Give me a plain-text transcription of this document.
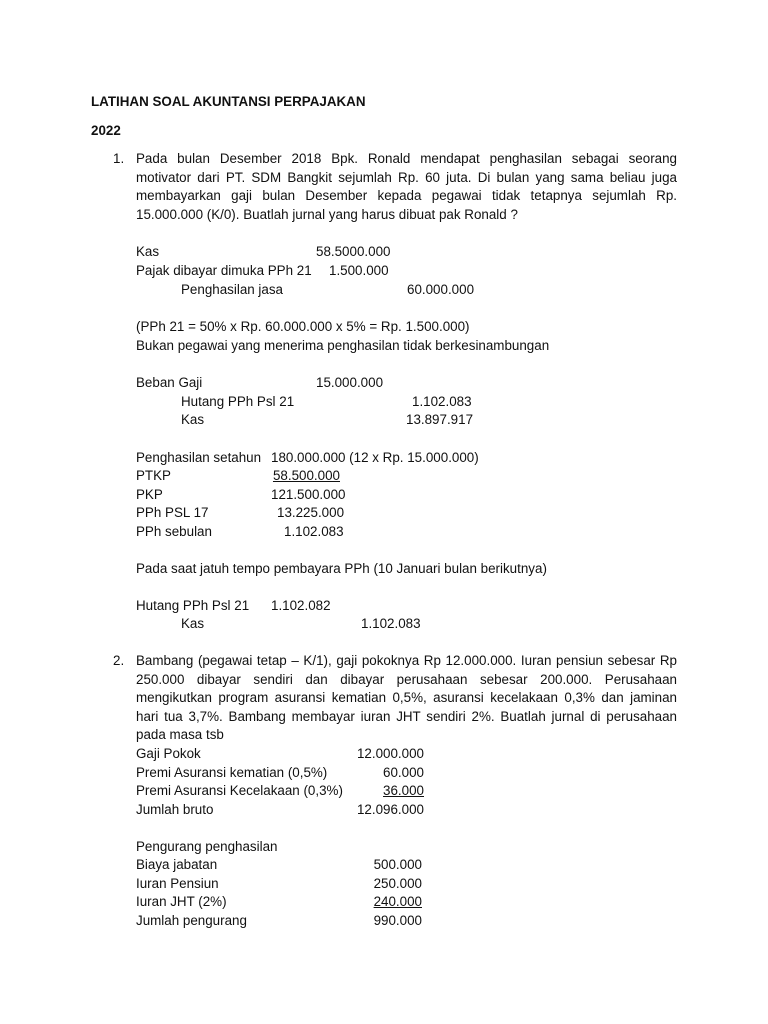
LATIHAN SOAL AKUNTANSI PERPAJAKAN
2022
1. Pada bulan Desember 2018 Bpk. Ronald mendapat penghasilan sebagai seorang motivator dari PT. SDM Bangkit sejumlah Rp. 60 juta. Di bulan yang sama beliau juga membayarkan gaji bulan Desember kepada pegawai tidak tetapnya sejumlah Rp. 15.000.000 (K/0). Buatlah jurnal yang harus dibuat pak Ronald ?
Kas	58.5000.000
Pajak dibayar dimuka PPh 21 1.500.000
Penghasilan jasa	60.000.000
(PPh 21 = 50% x Rp. 60.000.000 x 5% = Rp. 1.500.000)
Bukan pegawai yang menerima penghasilan tidak berkesinambungan
Beban Gaji	15.000.000
Hutang PPh Psl 21	1.102.083
Kas	13.897.917
Penghasilan setahun 180.000.000 (12 x Rp. 15.000.000)
PTKP	58.500.000
PKP	121.500.000
PPh PSL 17	13.225.000
PPh sebulan	1.102.083
Pada saat jatuh tempo pembayara PPh (10 Januari bulan berikutnya)
Hutang PPh Psl 21 1.102.082
Kas	1.102.083
2. Bambang (pegawai tetap – K/1), gaji pokoknya Rp 12.000.000. Iuran pensiun sebesar Rp 250.000 dibayar sendiri dan dibayar perusahaan sebesar 200.000. Perusahaan mengikutkan program asuransi kematian 0,5%, asuransi kecelakaan 0,3% dan jaminan hari tua 3,7%. Bambang membayar iuran JHT sendiri 2%. Buatlah jurnal di perusahaan pada masa tsb
Gaji Pokok	12.000.000
Premi Asuransi kematian (0,5%)	60.000
Premi Asuransi Kecelakaan (0,3%)	36.000
Jumlah bruto	12.096.000
Pengurang penghasilan
Biaya jabatan	500.000
Iuran Pensiun	250.000
Iuran JHT (2%)	240.000
Jumlah pengurang	990.000
